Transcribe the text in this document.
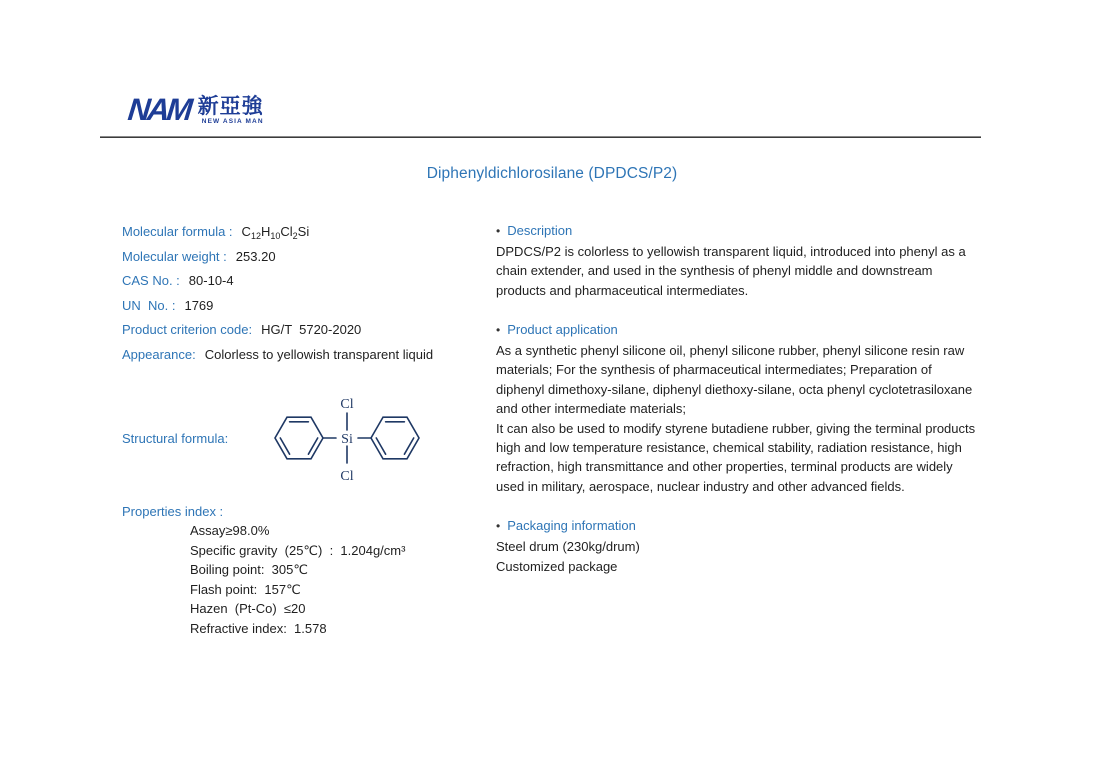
NAM 新亞強
NEW ASIA MAN
Diphenyldichlorosilane (DPDCS/P2)
Molecular formula : $C_{12}H_{10}Cl_2Si$
Molecular weight : 253.20
CAS No. : 80-10-4
UN  No. : 1769
Product criterion code: HG/T  5720-2020
Appearance: Colorless to yellowish transparent liquid
Structural formula:
Cl
Si
Cl
Properties index :
Assay≥98.0%
Specific gravity  (25℃)  :  1.204g/cm³
Boiling point:  305℃
Flash point:  157℃
Hazen  (Pt-Co)  ≤20
Refractive index:  1.578
• Description
DPDCS/P2 is colorless to yellowish transparent liquid, introduced into phenyl as a chain extender, and used in the synthesis of phenyl middle and downstream products and pharmaceutical intermediates.
• Product application
As a synthetic phenyl silicone oil, phenyl silicone rubber, phenyl silicone resin raw materials; For the synthesis of pharmaceutical intermediates; Preparation of diphenyl dimethoxy-silane, diphenyl diethoxy-silane, octa phenyl cyclotetrasiloxane and other intermediate materials;
It can also be used to modify styrene butadiene rubber, giving the terminal products high and low temperature resistance, chemical stability, radiation resistance, high refraction, high transmittance and other properties, terminal products are widely used in military, aerospace, nuclear industry and other advanced fields.
• Packaging information
Steel drum (230kg/drum)
Customized package
